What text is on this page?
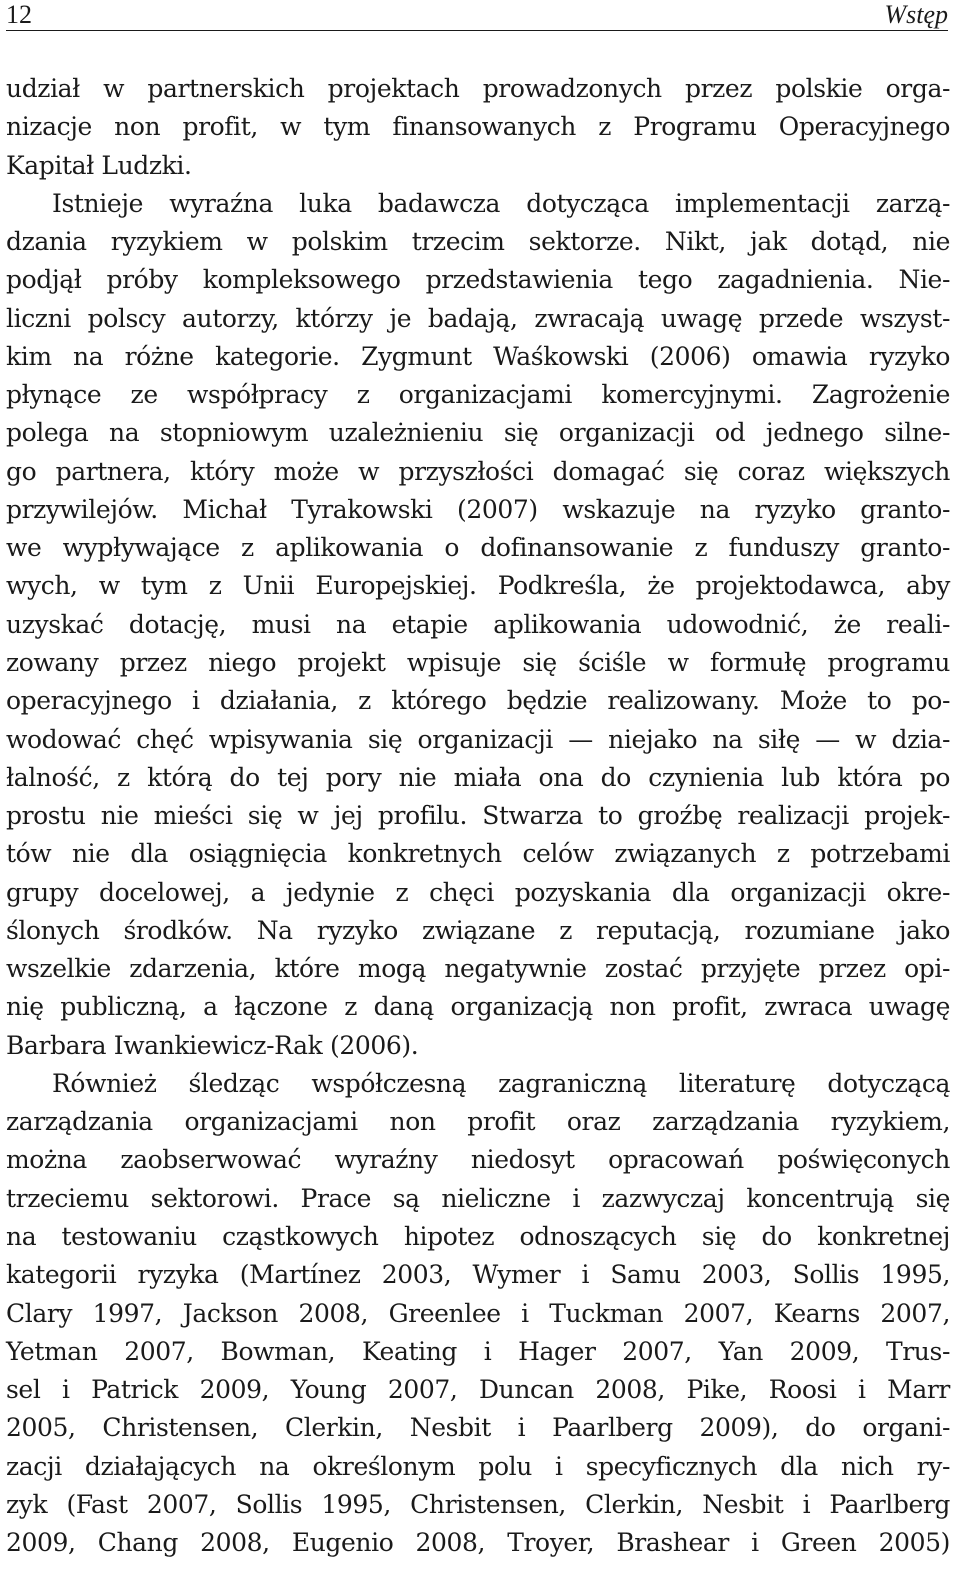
12	Wstęp
udział w partnerskich projektach prowadzonych przez polskie orga-
nizacje non profit, w tym finansowanych z Programu Operacyjnego
Kapitał Ludzki.
Istnieje wyraźna luka badawcza dotycząca implementacji zarzą-
dzania ryzykiem w polskim trzecim sektorze. Nikt, jak dotąd, nie
podjął próby kompleksowego przedstawienia tego zagadnienia. Nie-
liczni polscy autorzy, którzy je badają, zwracają uwagę przede wszyst-
kim na różne kategorie. Zygmunt Waśkowski (2006) omawia ryzyko
płynące ze współpracy z organizacjami komercyjnymi. Zagrożenie
polega na stopniowym uzależnieniu się organizacji od jednego silne-
go partnera, który może w przyszłości domagać się coraz większych
przywilejów. Michał Tyrakowski (2007) wskazuje na ryzyko granto-
we wypływające z aplikowania o dofinansowanie z funduszy granto-
wych, w tym z Unii Europejskiej. Podkreśla, że projektodawca, aby
uzyskać dotację, musi na etapie aplikowania udowodnić, że reali-
zowany przez niego projekt wpisuje się ściśle w formułę programu
operacyjnego i działania, z którego będzie realizowany. Może to po-
wodować chęć wpisywania się organizacji — niejako na siłę — w dzia-
łalność, z którą do tej pory nie miała ona do czynienia lub która po
prostu nie mieści się w jej profilu. Stwarza to groźbę realizacji projek-
tów nie dla osiągnięcia konkretnych celów związanych z potrzebami
grupy docelowej, a jedynie z chęci pozyskania dla organizacji okre-
ślonych środków. Na ryzyko związane z reputacją, rozumiane jako
wszelkie zdarzenia, które mogą negatywnie zostać przyjęte przez opi-
nię publiczną, a łączone z daną organizacją non profit, zwraca uwagę
Barbara Iwankiewicz-Rak (2006).
Również śledząc współczesną zagraniczną literaturę dotyczącą
zarządzania organizacjami non profit oraz zarządzania ryzykiem,
można zaobserwować wyraźny niedosyt opracowań poświęconych
trzeciemu sektorowi. Prace są nieliczne i zazwyczaj koncentrują się
na testowaniu cząstkowych hipotez odnoszących się do konkretnej
kategorii ryzyka (Martínez 2003, Wymer i Samu 2003, Sollis 1995,
Clary 1997, Jackson 2008, Greenlee i Tuckman 2007, Kearns 2007,
Yetman 2007, Bowman, Keating i Hager 2007, Yan 2009, Trus-
sel i Patrick 2009, Young 2007, Duncan 2008, Pike, Roosi i Marr
2005, Christensen, Clerkin, Nesbit i Paarlberg 2009), do organi-
zacji działających na określonym polu i specyficznych dla nich ry-
zyk (Fast 2007, Sollis 1995, Christensen, Clerkin, Nesbit i Paarlberg
2009, Chang 2008, Eugenio 2008, Troyer, Brashear i Green 2005)
